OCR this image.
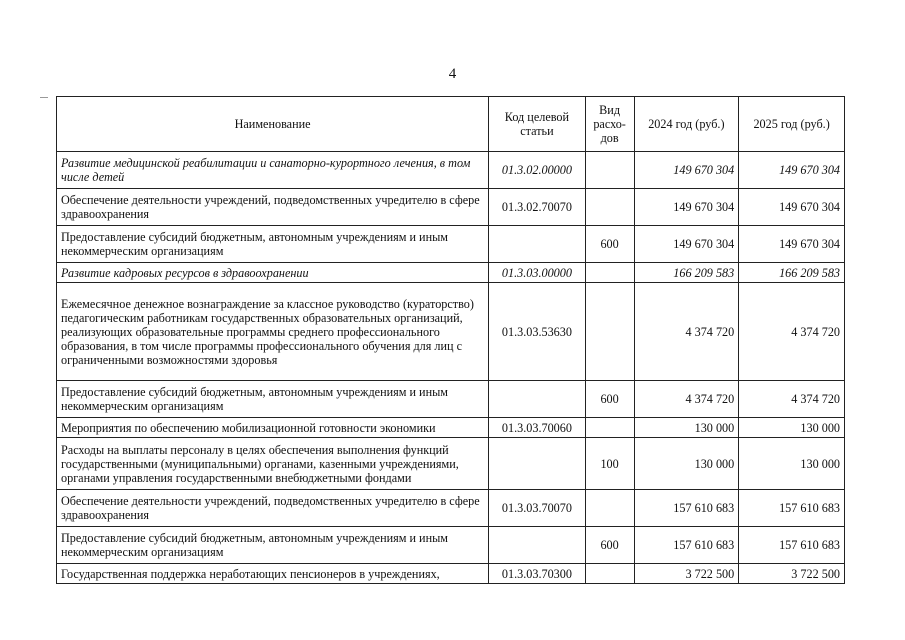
4
Наименование	Код целевой статьи	Вид расхо-дов	2024 год (руб.)	2025 год (руб.)
Развитие медицинской реабилитации и санаторно-курортного лечения, в том числе детей	01.3.02.00000		149 670 304	149 670 304
Обеспечение деятельности учреждений, подведомственных учредителю в сфере здравоохранения	01.3.02.70070		149 670 304	149 670 304
Предоставление субсидий бюджетным, автономным учреждениям и иным некоммерческим организациям		600	149 670 304	149 670 304
Развитие кадровых ресурсов в здравоохранении	01.3.03.00000		166 209 583	166 209 583
Ежемесячное денежное вознаграждение за классное руководство (кураторство) педагогическим работникам государственных образовательных организаций, реализующих образовательные программы среднего профессионального образования, в том числе программы профессионального обучения для лиц с ограниченными возможностями здоровья	01.3.03.53630		4 374 720	4 374 720
Предоставление субсидий бюджетным, автономным учреждениям и иным некоммерческим организациям		600	4 374 720	4 374 720
Мероприятия по обеспечению мобилизационной готовности экономики	01.3.03.70060		130 000	130 000
Расходы на выплаты персоналу в целях обеспечения выполнения функций государственными (муниципальными) органами, казенными учреждениями, органами управления государственными внебюджетными фондами		100	130 000	130 000
Обеспечение деятельности учреждений, подведомственных учредителю в сфере здравоохранения	01.3.03.70070		157 610 683	157 610 683
Предоставление субсидий бюджетным, автономным учреждениям и иным некоммерческим организациям		600	157 610 683	157 610 683
Государственная поддержка неработающих пенсионеров в учреждениях,	01.3.03.70300		3 722 500	3 722 500
